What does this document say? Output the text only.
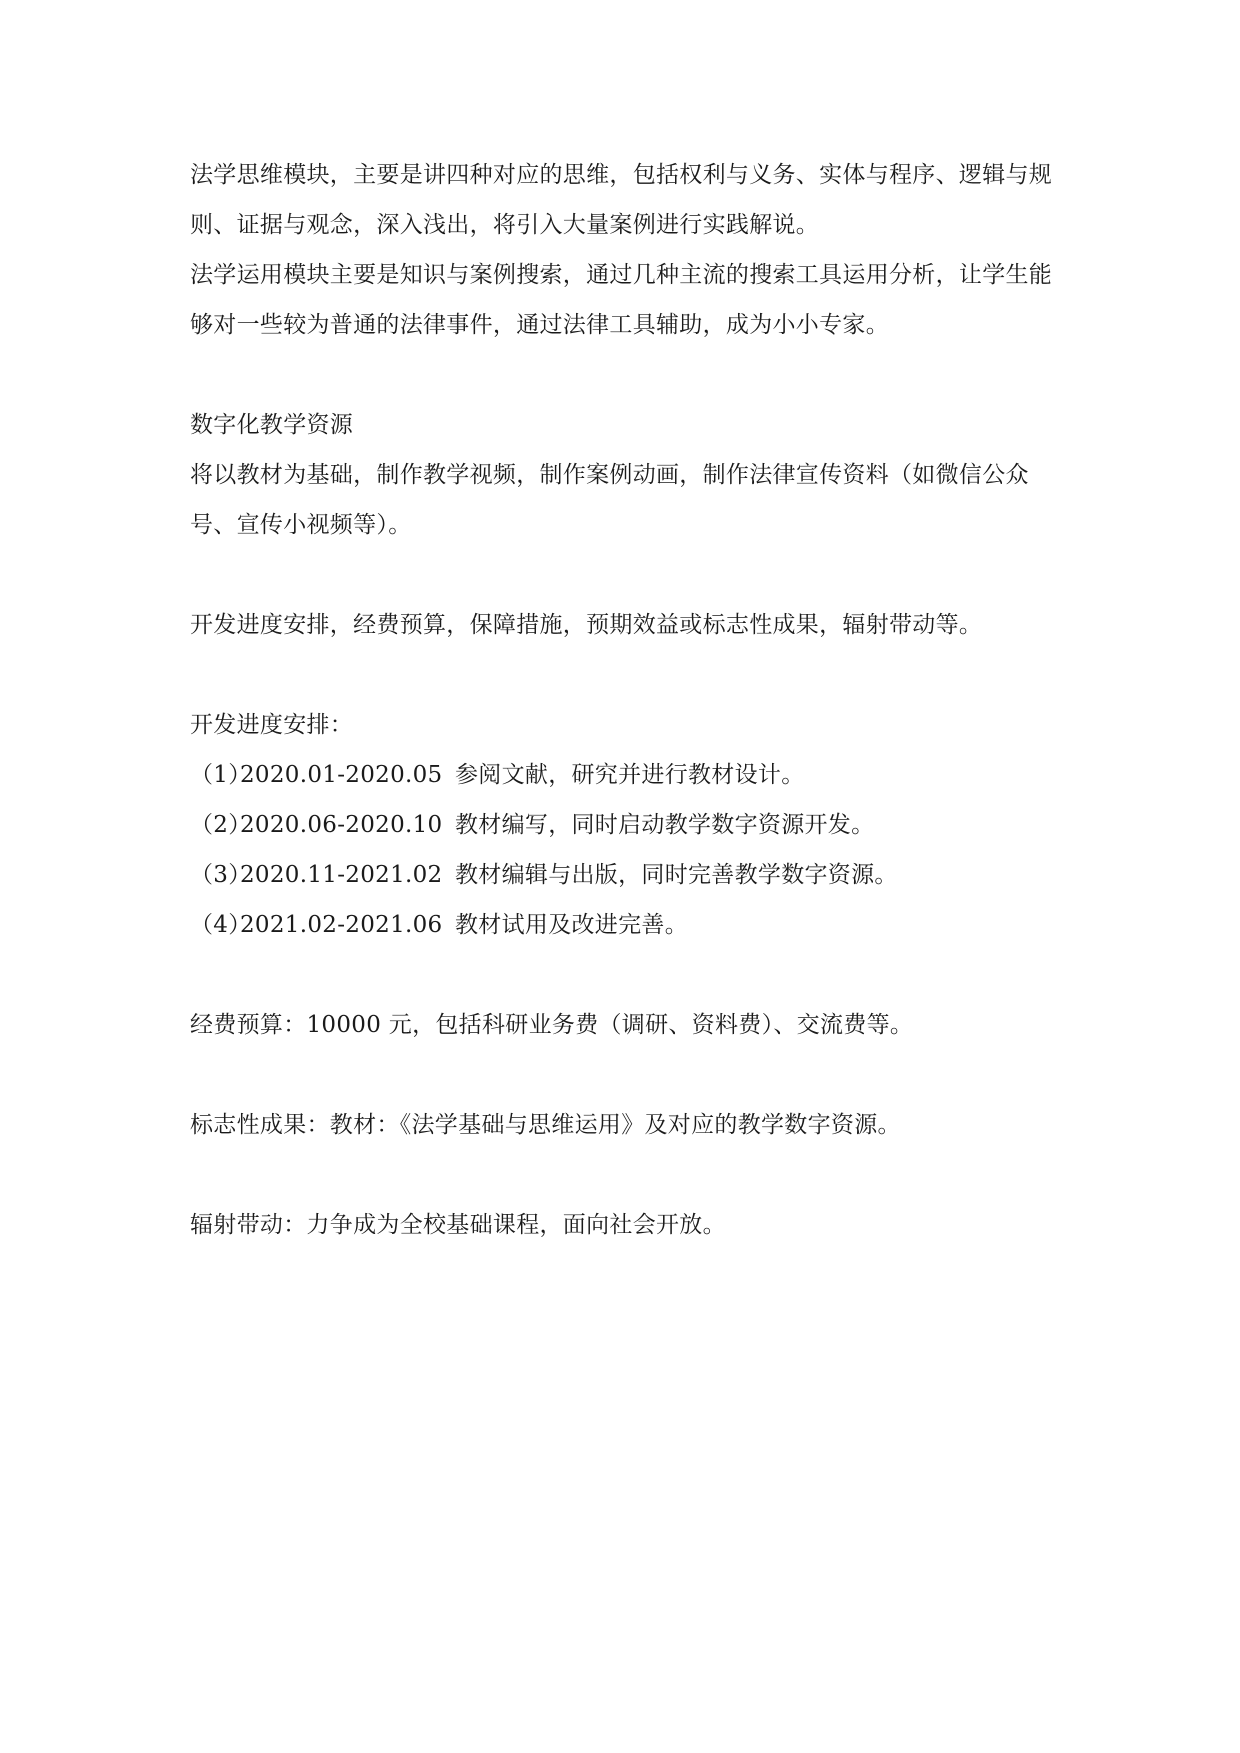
法学思维模块，主要是讲四种对应的思维，包括权利与义务、实体与程序、逻辑与规则、证据与观念，深入浅出，将引入大量案例进行实践解说。

法学运用模块主要是知识与案例搜索，通过几种主流的搜索工具运用分析，让学生能够对一些较为普通的法律事件，通过法律工具辅助，成为小小专家。

数字化教学资源

将以教材为基础，制作教学视频，制作案例动画，制作法律宣传资料（如微信公众号、宣传小视频等）。

开发进度安排，经费预算，保障措施，预期效益或标志性成果，辐射带动等。

开发进度安排：

（1）
2020.01-2020.05 参阅文献，研究并进行教材设计。
（2）
2020.06-2020.10 教材编写，同时启动教学数字资源开发。
（3）
2020.11-2021.02 教材编辑与出版，同时完善教学数字资源。
（4）
2021.02-2021.06 教材试用及改进完善。

经费预算：10000 元，包括科研业务费（调研、资料费）、交流费等。

标志性成果：教材：《法学基础与思维运用》及对应的教学数字资源。

辐射带动：力争成为全校基础课程，面向社会开放。
